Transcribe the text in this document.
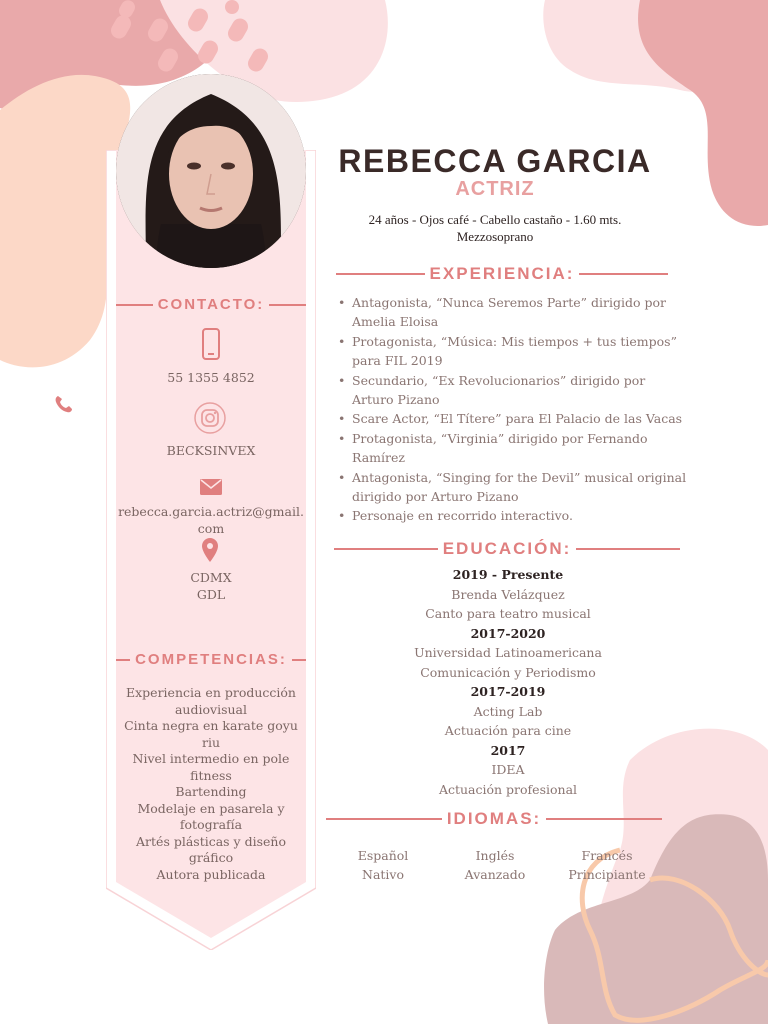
CONTACTO:
55 1355 4852
BECKSINVEX
rebecca.garcia.actriz@gmail.
com
CDMX
GDL
COMPETENCIAS:
Experiencia en producción
audiovisual
Cinta negra en karate goyu
riu
Nivel intermedio en pole
fitness
Bartending
Modelaje en pasarela y
fotografía
Artés plásticas y diseño
gráfico
Autora publicada
REBECCA GARCIA
ACTRIZ
24 años - Ojos café - Cabello castaño - 1.60 mts.
Mezzosoprano
EXPERIENCIA:
• Antagonista, “Nunca Seremos Parte” dirigido por Amelia Eloisa
• Protagonista, “Música: Mis tiempos + tus tiempos” para FIL 2019
• Secundario, “Ex Revolucionarios” dirigido por Arturo Pizano
• Scare Actor, “El Títere” para El Palacio de las Vacas
• Protagonista, “Virginia” dirigido por Fernando Ramírez
• Antagonista, “Singing for the Devil” musical original dirigido por Arturo Pizano
• Personaje en recorrido interactivo.
EDUCACIÓN:
2019 - Presente
Brenda Velázquez
Canto para teatro musical
2017-2020
Universidad Latinoamericana
Comunicación y Periodismo
2017-2019
Acting Lab
Actuación para cine
2017
IDEA
Actuación profesional
IDIOMAS:
Español
Nativo
Inglés
Avanzado
Francés
Principiante
